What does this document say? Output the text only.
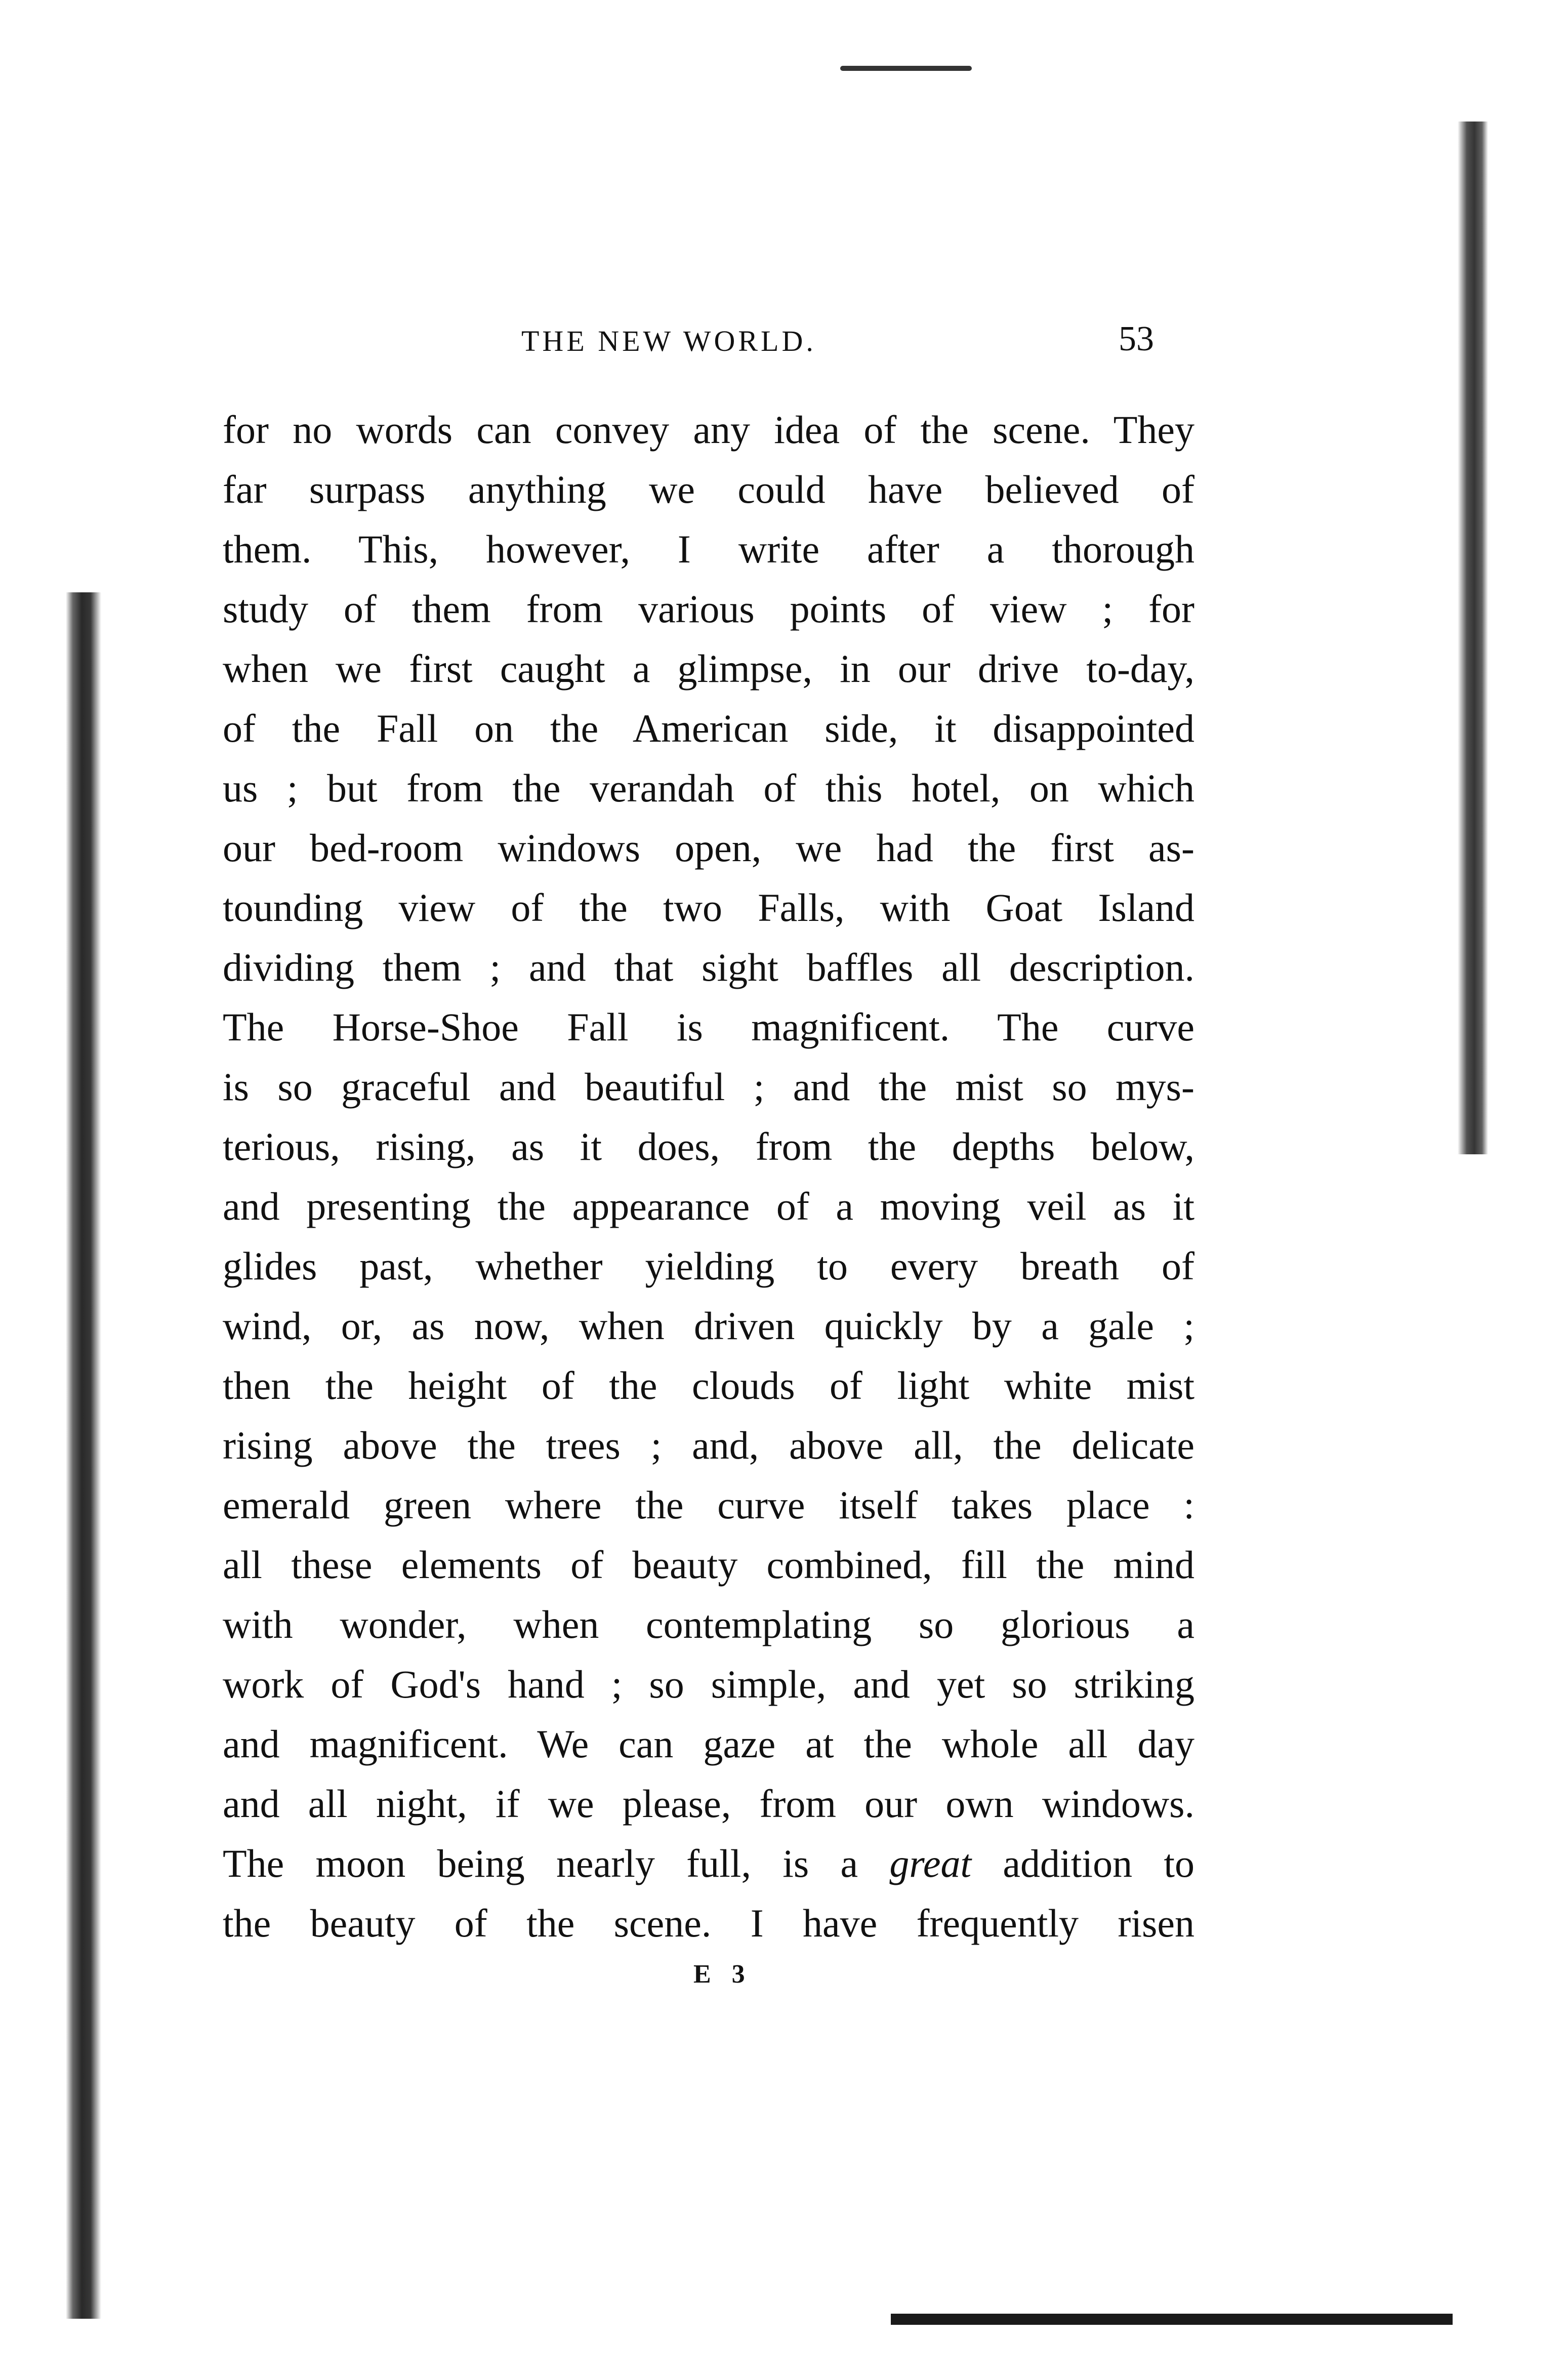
THE NEW WORLD.	53
for no words can convey any idea of the scene. They
far surpass anything we could have believed of
them. This, however, I write after a thorough
study of them from various points of view ; for
when we first caught a glimpse, in our drive to-day,
of the Fall on the American side, it disappointed
us ; but from the verandah of this hotel, on which
our bed-room windows open, we had the first as-
tounding view of the two Falls, with Goat Island
dividing them ; and that sight baffles all description.
The Horse-Shoe Fall is magnificent. The curve
is so graceful and beautiful ; and the mist so mys-
terious, rising, as it does, from the depths below,
and presenting the appearance of a moving veil as it
glides past, whether yielding to every breath of
wind, or, as now, when driven quickly by a gale ;
then the height of the clouds of light white mist
rising above the trees ; and, above all, the delicate
emerald green where the curve itself takes place :
all these elements of beauty combined, fill the mind
with wonder, when contemplating so glorious a
work of God's hand ; so simple, and yet so striking
and magnificent. We can gaze at the whole all day
and all night, if we please, from our own windows.
The moon being nearly full, is a great addition to
the beauty of the scene. I have frequently risen
E 3
